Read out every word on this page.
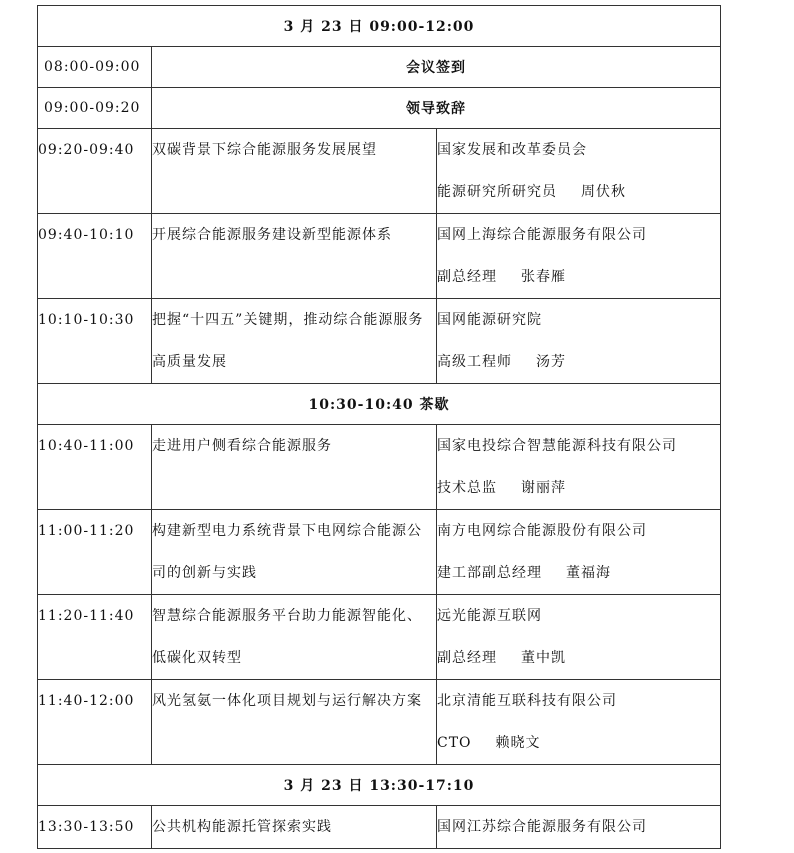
3 月 23 日 09:00-12:00		
08:00-09:00	会议签到	
09:00-09:20	领导致辞	

09:20-09:40	双碳背景下综合能源服务发展展望	国家发展和改革委员会
能源研究所研究员 周伏秋

09:40-10:10	开展综合能源服务建设新型能源体系	国网上海综合能源服务有限公司
副总经理 张春雁

10:10-10:30	把握“十四五”关键期，推动综合能源服务高质量发展	国网能源研究院
高级工程师 汤芳

10:30-10:40 茶歇		

10:40-11:00	走进用户侧看综合能源服务	国家电投综合智慧能源科技有限公司
技术总监 谢丽萍

11:00-11:20	构建新型电力系统背景下电网综合能源公司的创新与实践	南方电网综合能源股份有限公司
建工部副总经理 董福海

11:20-11:40	智慧综合能源服务平台助力能源智能化、低碳化双转型	远光能源互联网
副总经理 董中凯

11:40-12:00	风光氢氨一体化项目规划与运行解决方案	北京清能互联科技有限公司
CTO 赖晓文

3 月 23 日 13:30-17:10		

13:30-13:50	公共机构能源托管探索实践	国网江苏综合能源服务有限公司
